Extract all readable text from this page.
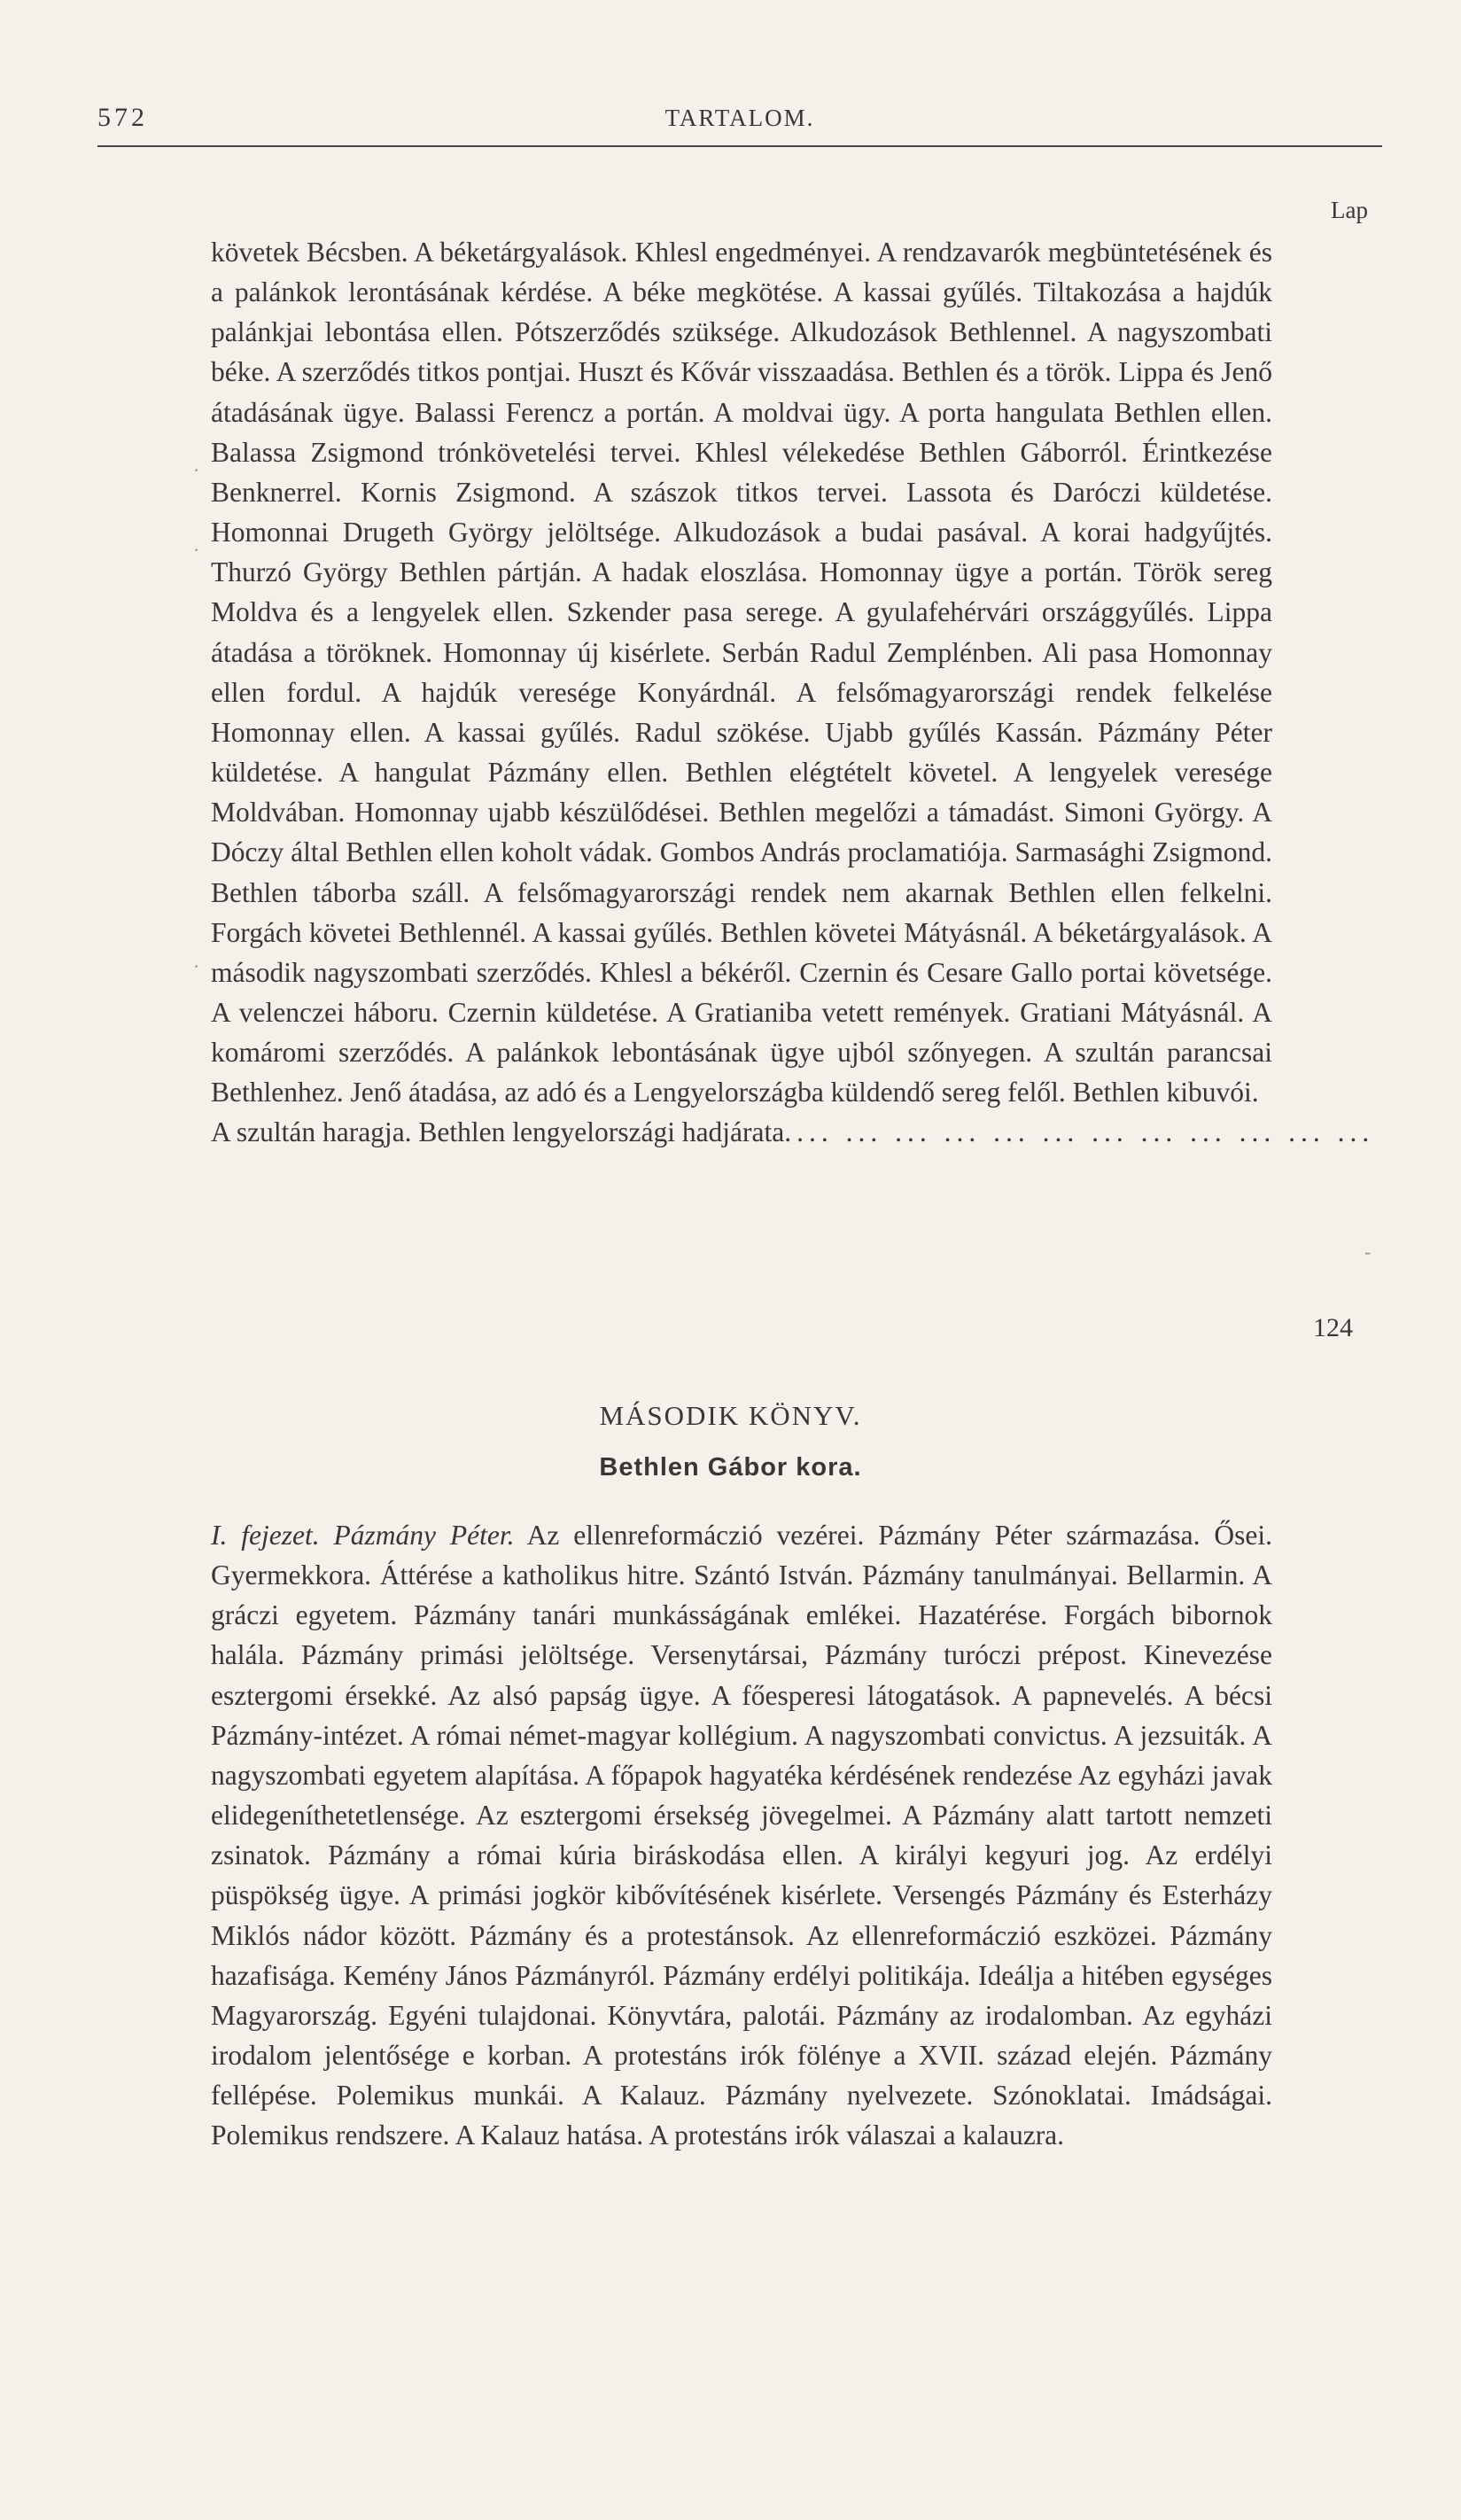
572	TARTALOM.
Lap
követek Bécsben. A béketárgyalások. Khlesl engedményei. A rendzavarók megbüntetésének és a palánkok lerontásának kérdése. A béke megkötése. A kassai gyűlés. Tiltakozása a hajdúk palánkjai lebontása ellen. Pótszerződés szüksége. Alkudozások Bethlennel. A nagyszombati béke. A szerződés titkos pontjai. Huszt és Kővár visszaadása. Bethlen és a török. Lippa és Jenő átadásának ügye. Balassi Ferencz a portán. A moldvai ügy. A porta hangulata Bethlen ellen. Balassa Zsigmond trónkövetelési tervei. Khlesl vélekedése Bethlen Gáborról. Érintkezése Benknerrel. Kornis Zsigmond. A szászok titkos tervei. Lassota és Daróczi küldetése. Homonnai Drugeth György jelöltsége. Alkudozások a budai pasával. A korai hadgyűjtés. Thurzó György Bethlen pártján. A hadak eloszlása. Homonnay ügye a portán. Török sereg Moldva és a lengyelek ellen. Szkender pasa serege. A gyulafehérvári országgyűlés. Lippa átadása a töröknek. Homonnay új kisérlete. Serbán Radul Zemplénben. Ali pasa Homonnay ellen fordul. A hajdúk veresége Konyárdnál. A felsőmagyarországi rendek felkelése Homonnay ellen. A kassai gyűlés. Radul szökése. Ujabb gyűlés Kassán. Pázmány Péter küldetése. A hangulat Pázmány ellen. Bethlen elégtételt követel. A lengyelek veresége Moldvában. Homonnay ujabb készülődései. Bethlen megelőzi a támadást. Simoni György. A Dóczy által Bethlen ellen koholt vádak. Gombos András proclamatiója. Sarmasághi Zsigmond. Bethlen táborba száll. A felsőmagyarországi rendek nem akarnak Bethlen ellen felkelni. Forgách követei Bethlennél. A kassai gyűlés. Bethlen követei Mátyásnál. A béketárgyalások. A második nagyszombati szerződés. Khlesl a békéről. Czernin és Cesare Gallo portai követsége. A velenczei háboru. Czernin küldetése. A Gratianiba vetett remények. Gratiani Mátyásnál. A komáromi szerződés. A palánkok lebontásának ügye ujból szőnyegen. A szultán parancsai Bethlenhez. Jenő átadása, az adó és a Lengyelországba küldendő sereg felől. Bethlen kibuvói.
A szultán haragja. Bethlen lengyelországi hadjárata. ... ... ... ... ... ... ... ... ... ... ... ...
124
MÁSODIK KÖNYV.
Bethlen Gábor kora.
I. fejezet. Pázmány Péter. Az ellenreformáczió vezérei. Pázmány Péter származása. Ősei. Gyermekkora. Áttérése a katholikus hitre. Szántó István. Pázmány tanulmányai. Bellarmin. A gráczi egyetem. Pázmány tanári munkásságának emlékei. Hazatérése. Forgách bibornok halála. Pázmány primási jelöltsége. Versenytársai, Pázmány turóczi prépost. Kinevezése esztergomi érsekké. Az alsó papság ügye. A főesperesi látogatások. A papnevelés. A bécsi Pázmány-intézet. A római német-magyar kollégium. A nagyszombati convictus. A jezsuiták. A nagyszombati egyetem alapítása. A főpapok hagyatéka kérdésének rendezése Az egyházi javak elidegeníthetetlensége. Az esztergomi érsekség jövegelmei. A Pázmány alatt tartott nemzeti zsinatok. Pázmány a római kúria biráskodása ellen. A királyi kegyuri jog. Az erdélyi püspökség ügye. A primási jogkör kibővítésének kisérlete. Versengés Pázmány és Esterházy Miklós nádor között. Pázmány és a protestánsok. Az ellenreformáczió eszközei. Pázmány hazafisága. Kemény János Pázmányról. Pázmány erdélyi politikája. Ideálja a hitében egységes Magyarország. Egyéni tulajdonai. Könyvtára, palotái. Pázmány az irodalomban. Az egyházi irodalom jelentősége e korban. A protestáns irók fölénye a XVII. század elején. Pázmány fellépése. Polemikus munkái. A Kalauz. Pázmány nyelvezete. Szónoklatai. Imádságai. Polemikus rendszere. A Kalauz hatása. A protestáns irók válaszai a kalauzra.
·
·
·
-
